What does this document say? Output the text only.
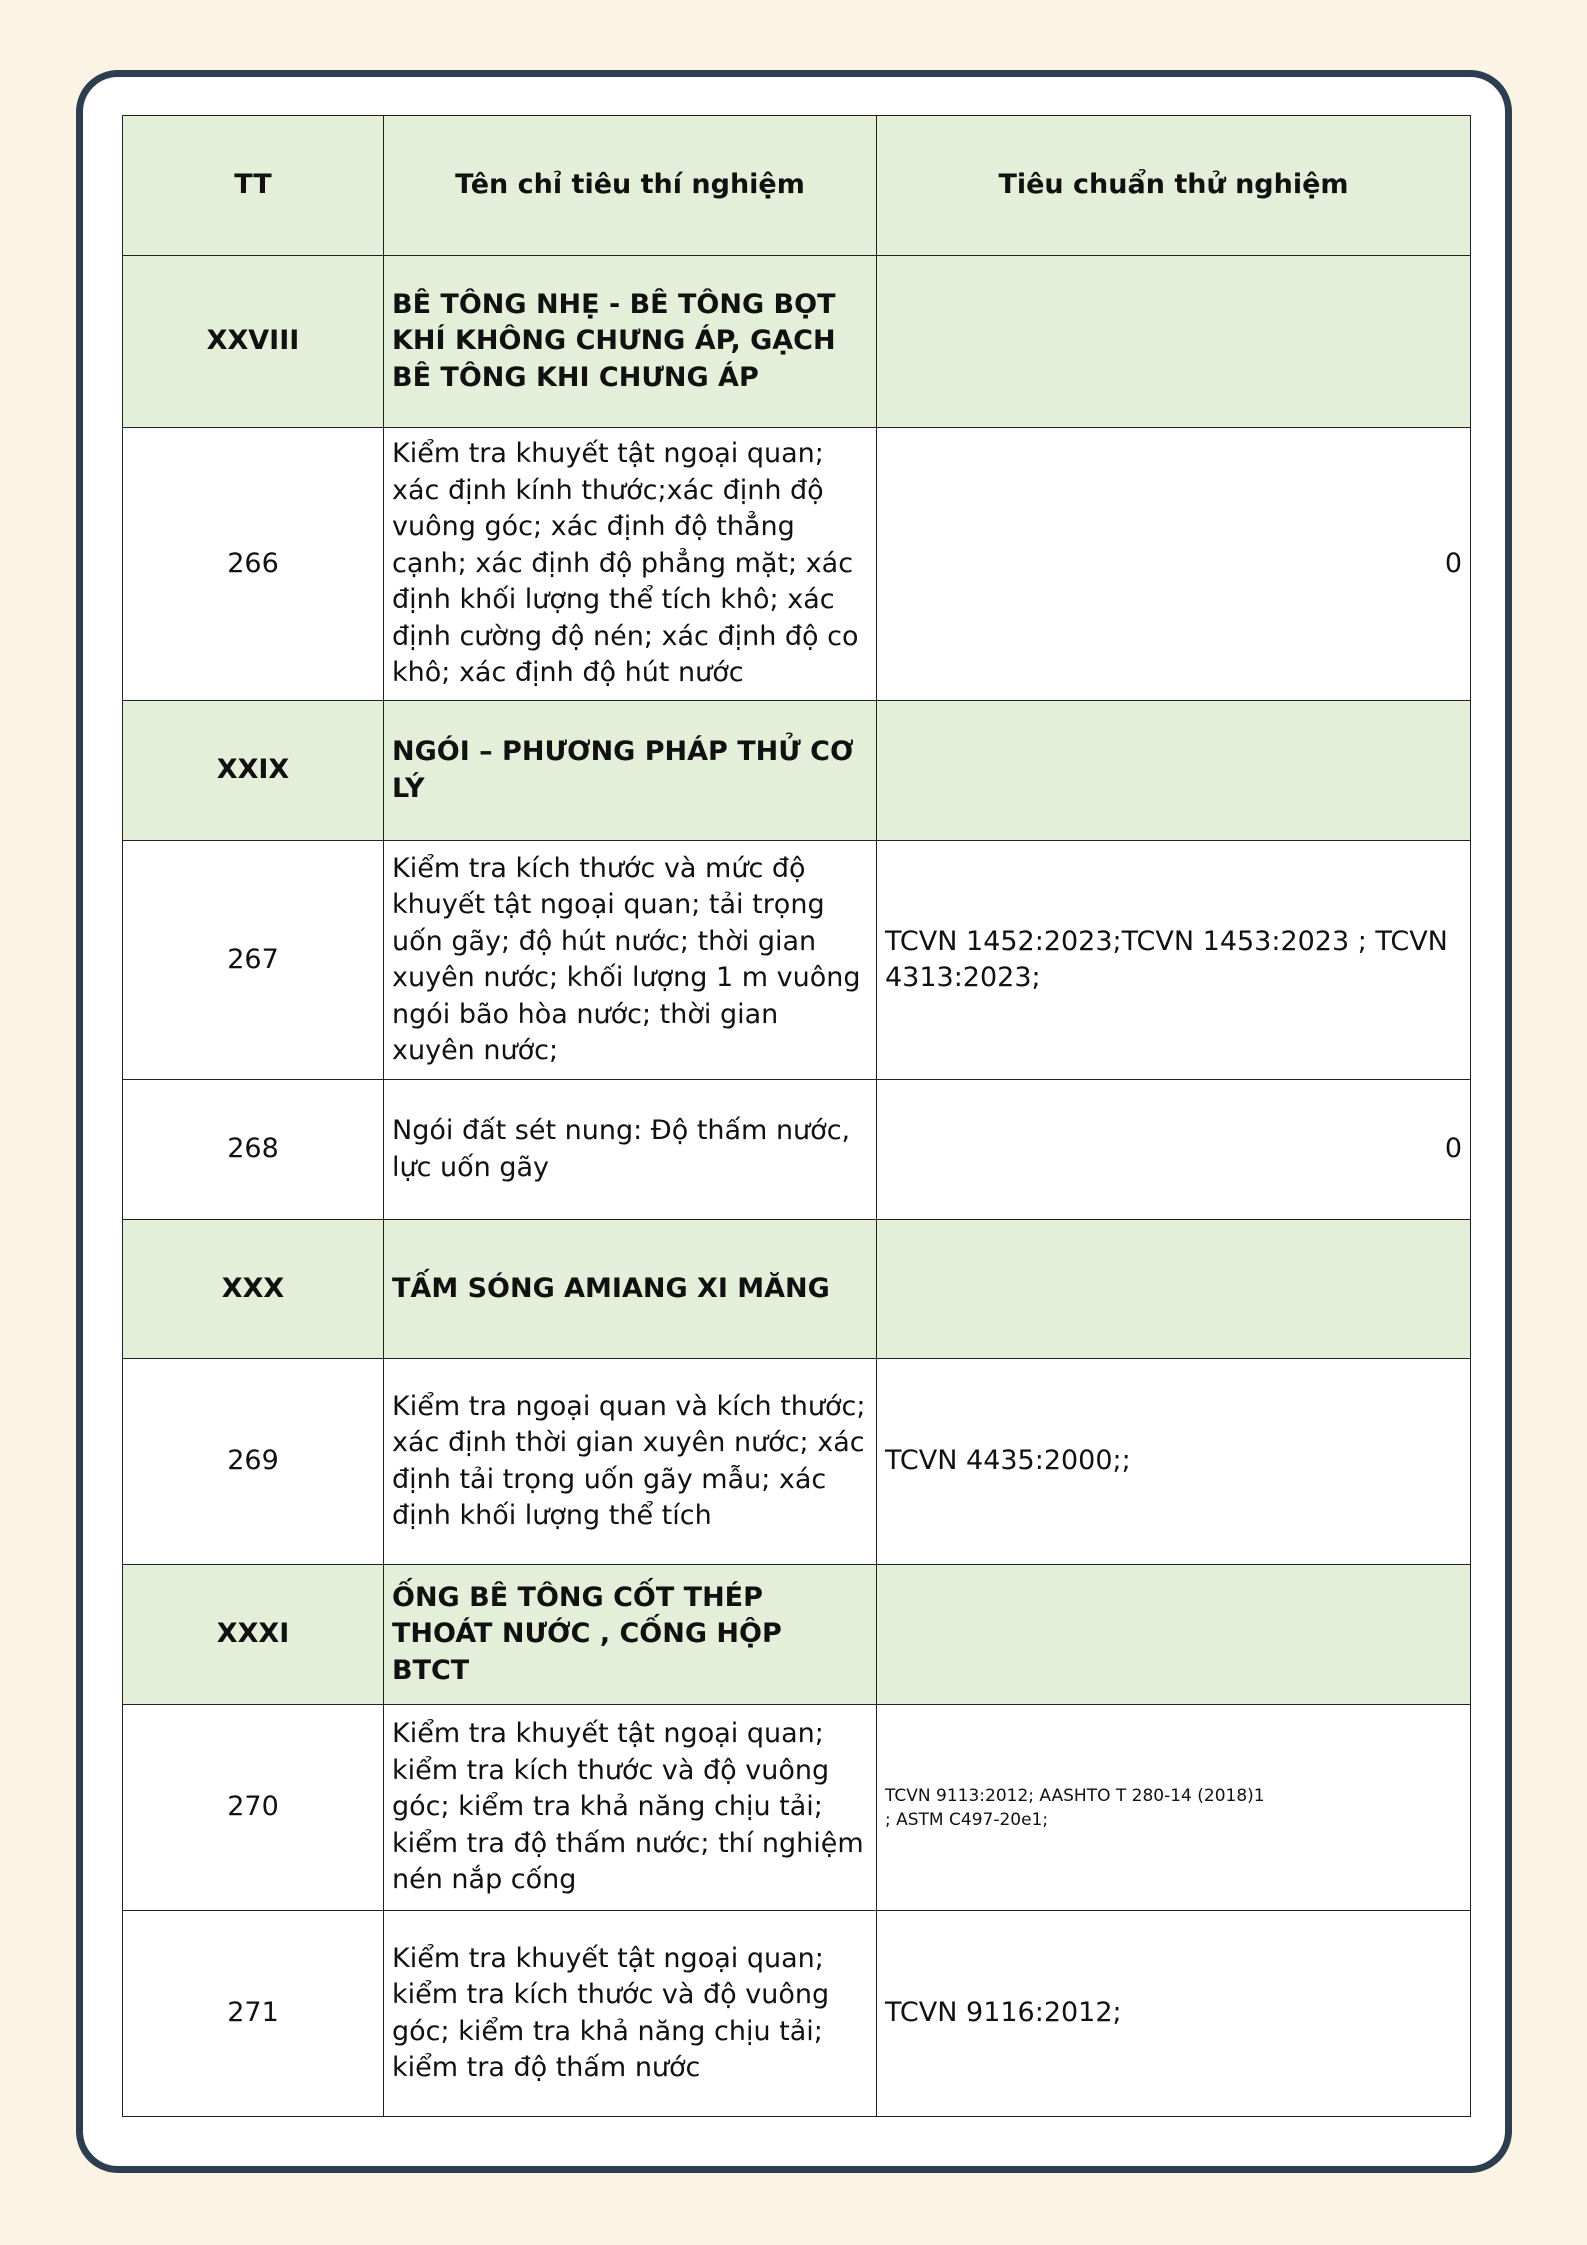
TT	Tên chỉ tiêu thí nghiệm	Tiêu chuẩn thử nghiệm
XXVIII	BÊ TÔNG NHẸ - BÊ TÔNG BỌT KHÍ KHÔNG CHƯNG ÁP, GẠCH BÊ TÔNG KHI CHƯNG ÁP	
266	Kiểm tra khuyết tật ngoại quan; xác định kính thước;xác định độ vuông góc; xác định độ thẳng cạnh; xác định độ phẳng mặt; xác định khối lượng thể tích khô; xác định cường độ nén; xác định độ co khô; xác định độ hút nước	0
XXIX	NGÓI – PHƯƠNG PHÁP THỬ CƠ LÝ	
267	Kiểm tra kích thước và mức độ khuyết tật ngoại quan; tải trọng uốn gãy; độ hút nước; thời gian xuyên nước; khối lượng 1 m vuông ngói bão hòa nước; thời gian xuyên nước;	TCVN 1452:2023;TCVN 1453:2023 ; TCVN 4313:2023;
268	Ngói đất sét nung: Độ thấm nước, lực uốn gãy	0
XXX	TẤM SÓNG AMIANG XI MĂNG	
269	Kiểm tra ngoại quan và kích thước; xác định thời gian xuyên nước; xác định tải trọng uốn gãy mẫu; xác định khối lượng thể tích	TCVN 4435:2000;;
XXXI	ỐNG BÊ TÔNG CỐT THÉP THOÁT NƯỚC , CỐNG HỘP BTCT	
270	Kiểm tra khuyết tật ngoại quan; kiểm tra kích thước và độ vuông góc; kiểm tra khả năng chịu tải; kiểm tra độ thấm nước; thí nghiệm nén nắp cống	TCVN 9113:2012; AASHTO T 280-14 (2018)1
; ASTM C497-20e1;
271	Kiểm tra khuyết tật ngoại quan; kiểm tra kích thước và độ vuông góc; kiểm tra khả năng chịu tải; kiểm tra độ thấm nước	TCVN 9116:2012;
